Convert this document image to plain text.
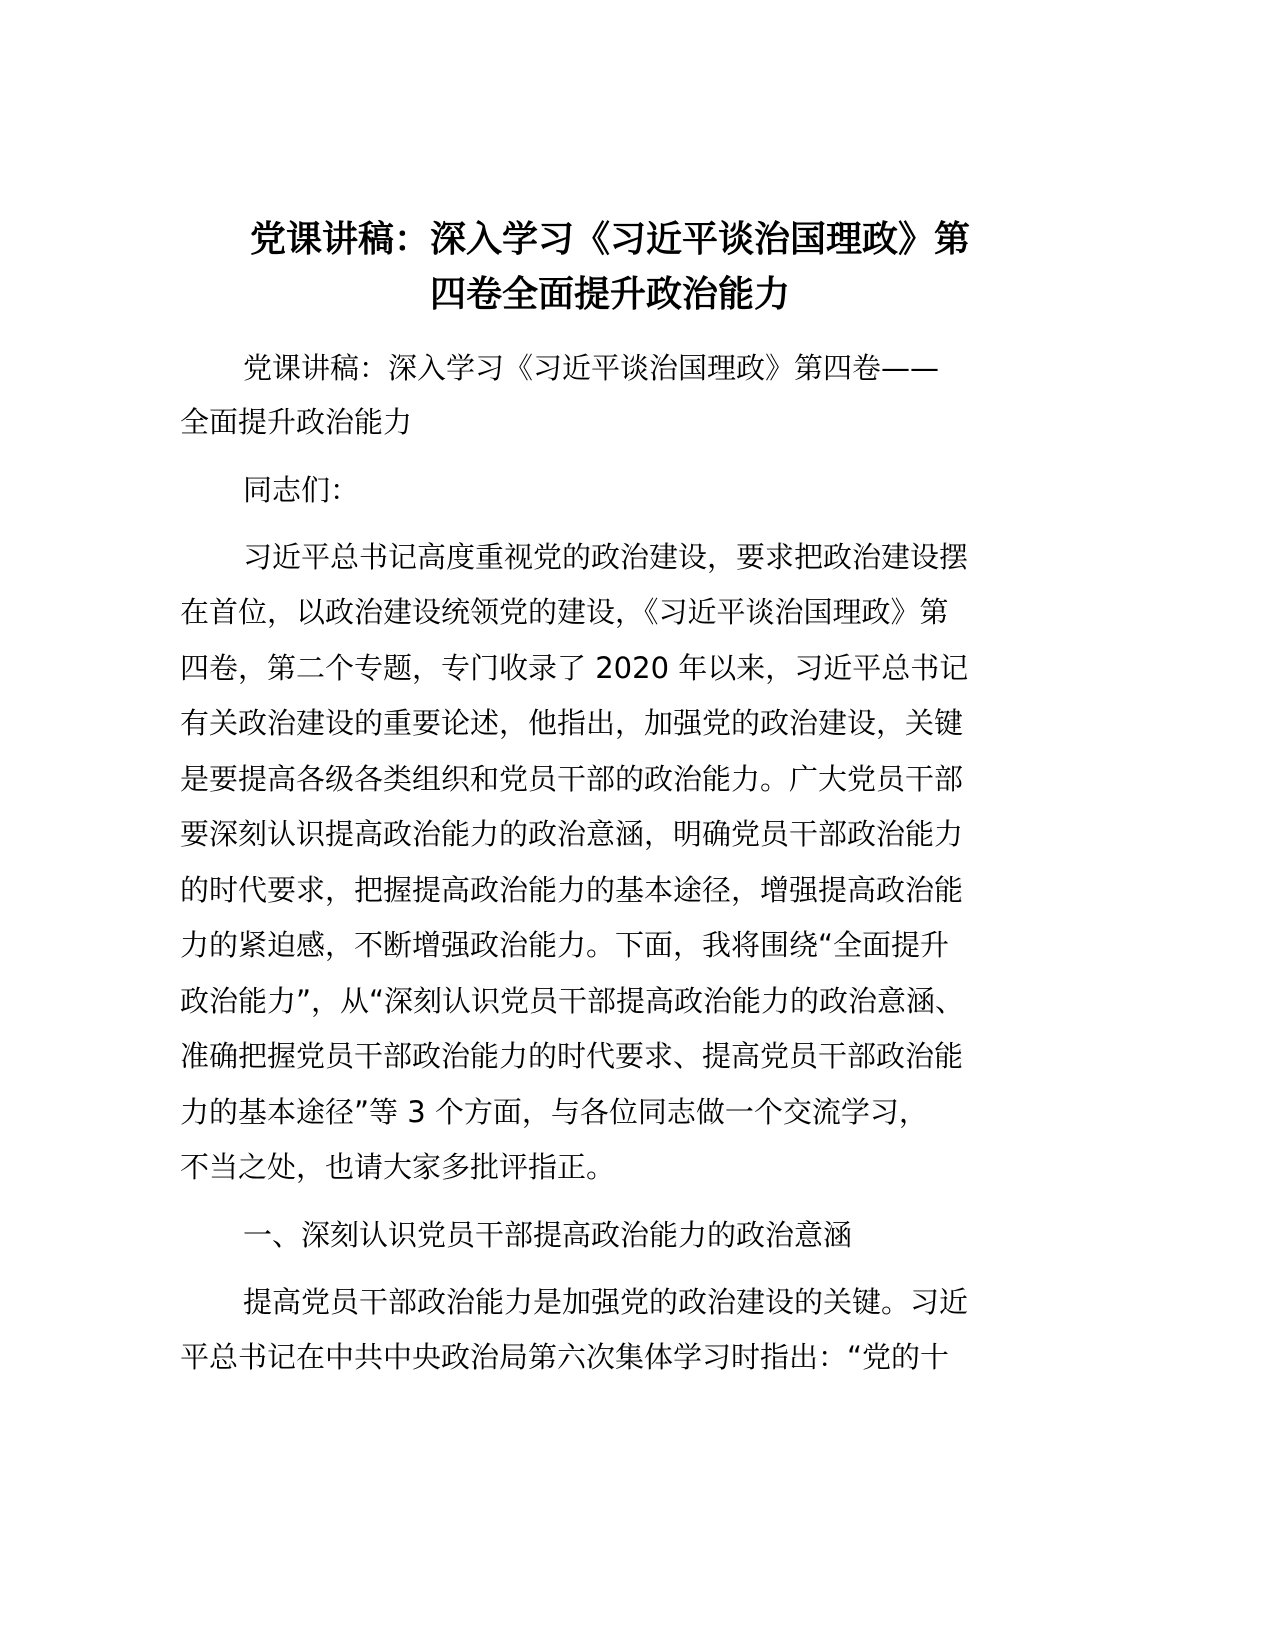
党课讲稿：深入学习《习近平谈治国理政》第
四卷全面提升政治能力

党课讲稿：深入学习《习近平谈治国理政》第四卷——

全面提升政治能力

同志们：

习近平总书记高度重视党的政治建设，要求把政治建设摆

在首位，以政治建设统领党的建设，《习近平谈治国理政》第

四卷，第二个专题，专门收录了 2020 年以来，习近平总书记

有关政治建设的重要论述，他指出，加强党的政治建设，关键

是要提高各级各类组织和党员干部的政治能力。广大党员干部

要深刻认识提高政治能力的政治意涵，明确党员干部政治能力

的时代要求，把握提高政治能力的基本途径，增强提高政治能

力的紧迫感，不断增强政治能力。下面，我将围绕“全面提升

政治能力”，从“深刻认识党员干部提高政治能力的政治意涵、

准确把握党员干部政治能力的时代要求、提高党员干部政治能

力的基本途径”等 3 个方面，与各位同志做一个交流学习，

不当之处，也请大家多批评指正。

一、深刻认识党员干部提高政治能力的政治意涵

提高党员干部政治能力是加强党的政治建设的关键。习近

平总书记在中共中央政治局第六次集体学习时指出：“党的十
